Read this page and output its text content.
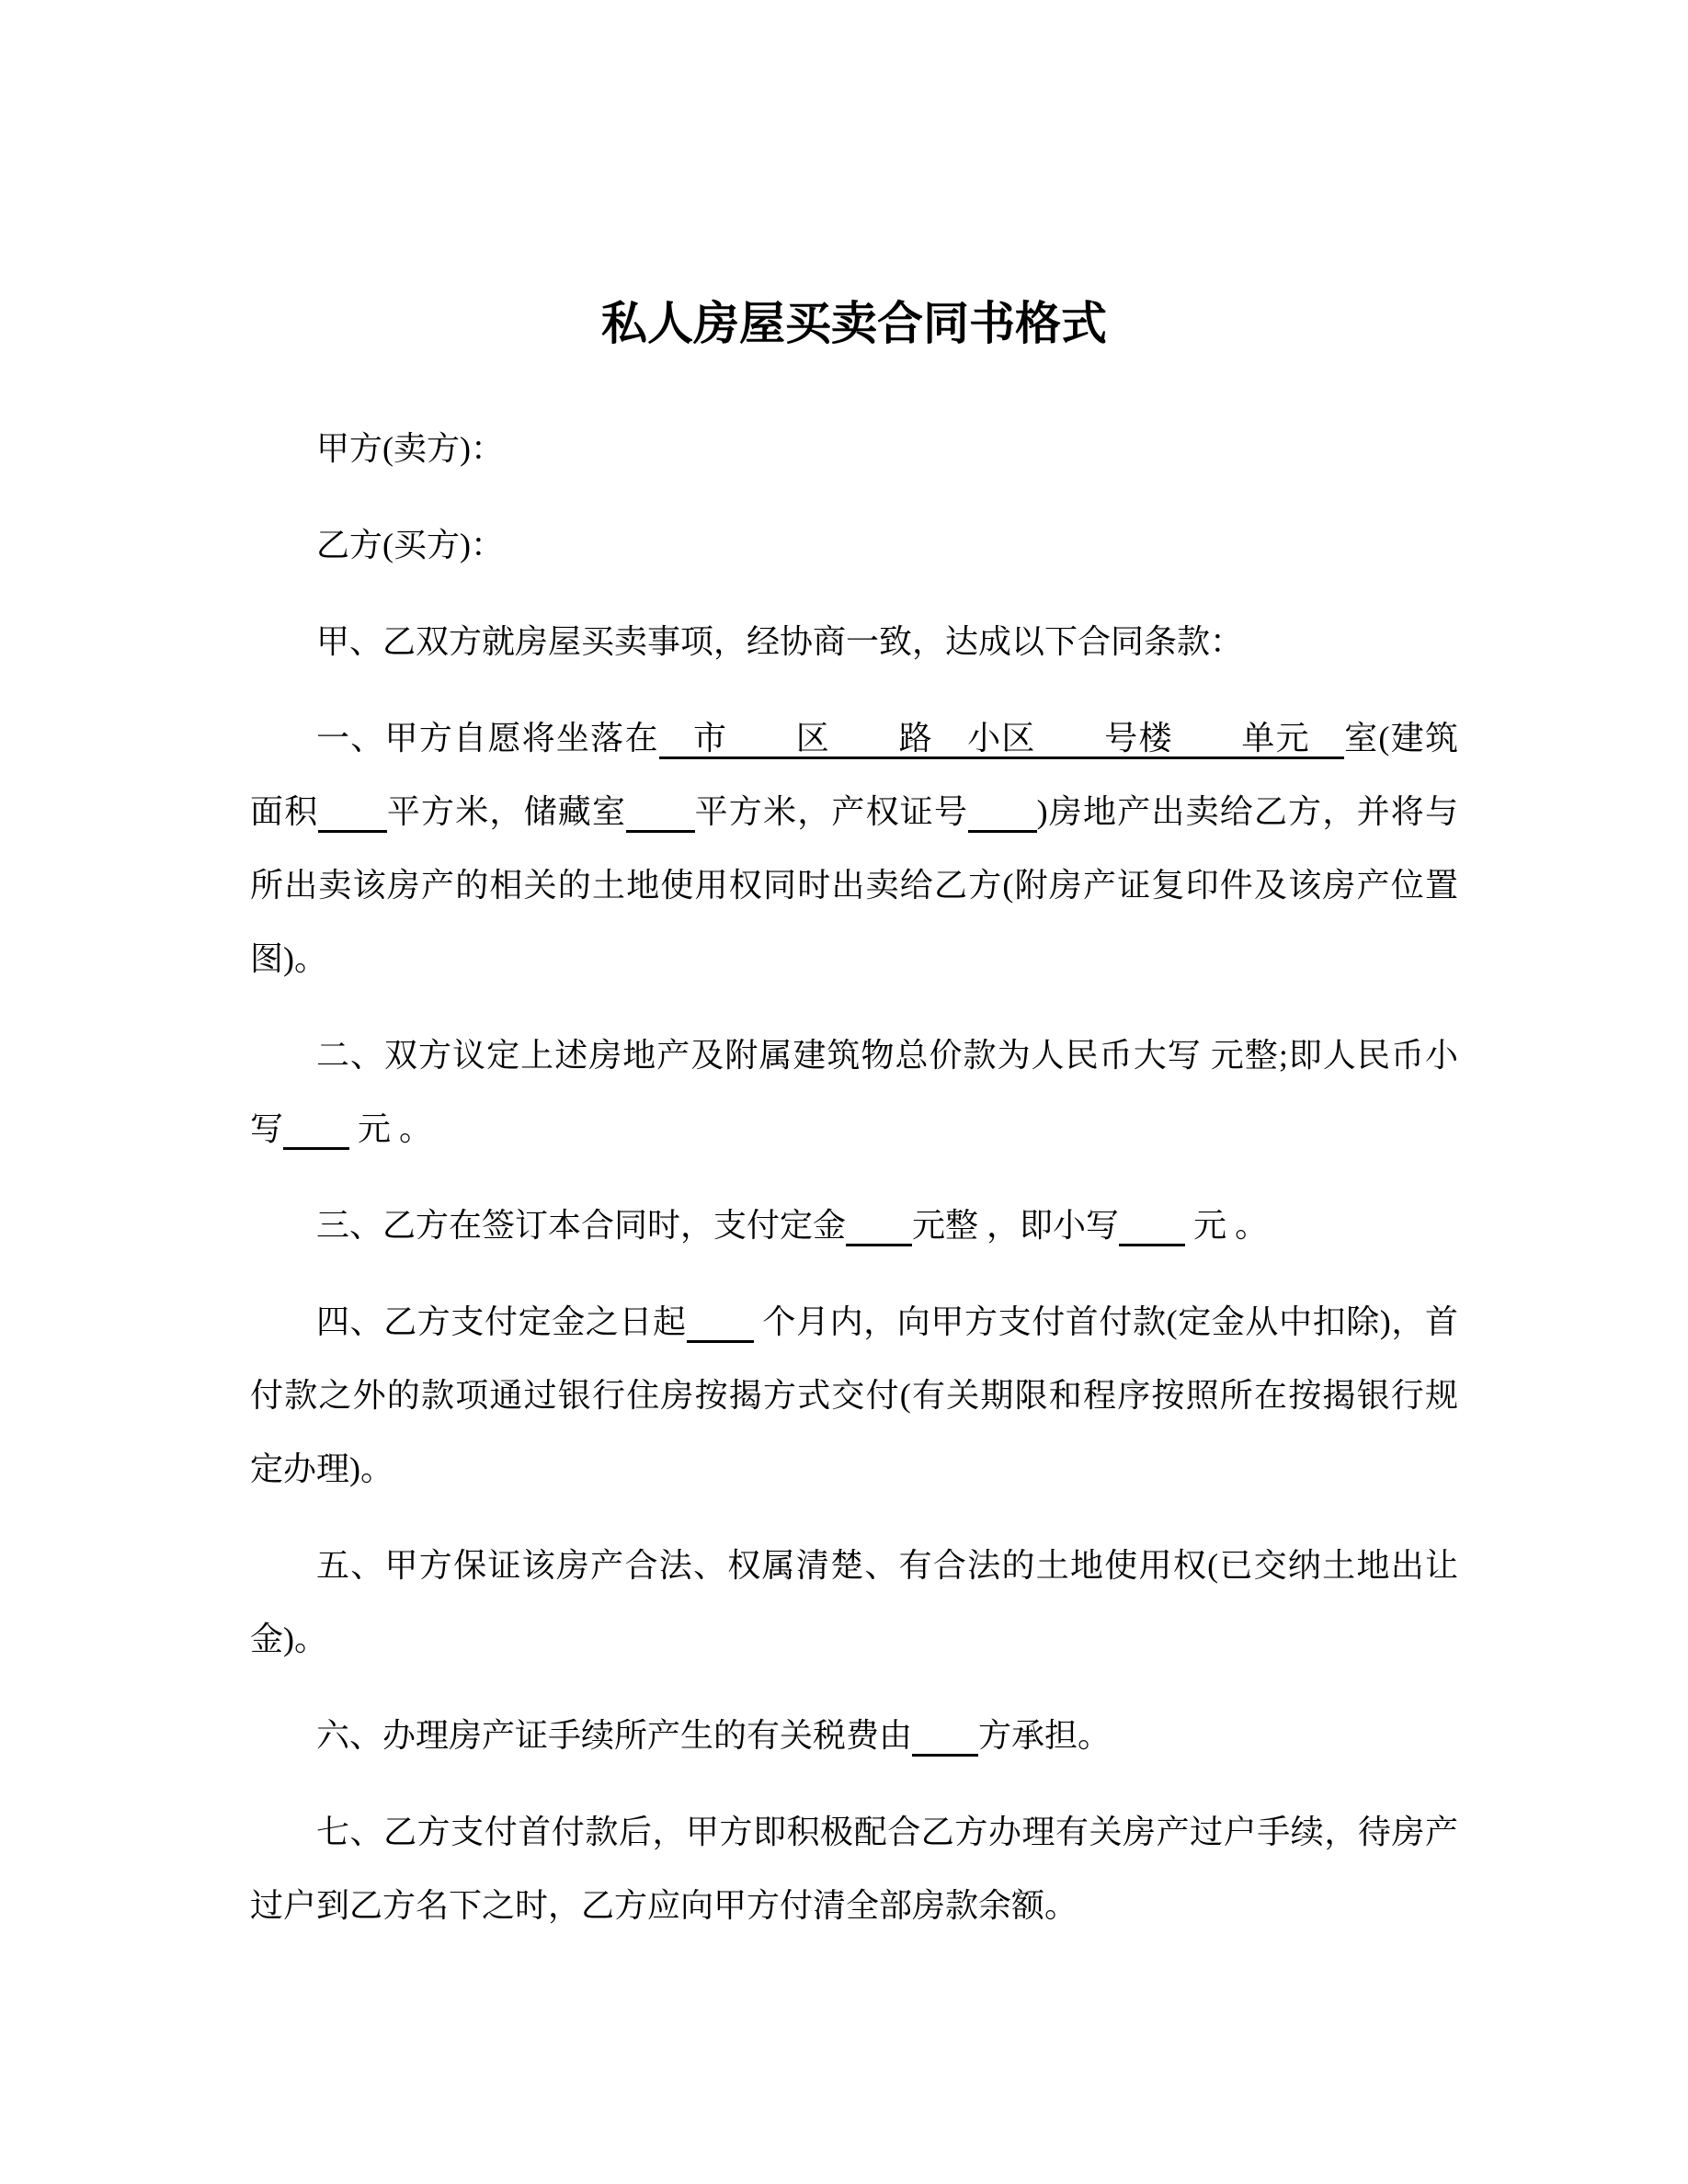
私人房屋买卖合同书格式
甲方(卖方)：
乙方(买方)：
甲、乙双方就房屋买卖事项，经协商一致，达成以下合同条款：
一、甲方自愿将坐落在　市　　区　　路　小区　　号楼　　单元　室(建筑
面积　　 平方米，储藏室　　 平方米，产权证号　　 )房地产出卖给乙方，并将与
所出卖该房产的相关的土地使用权同时出卖给乙方(附房产证复印件及该房产位置
图)。
二、双方议定上述房地产及附属建筑物总价款为人民币大写 元整;即人民币小
写　　 元 。
三、乙方在签订本合同时，支付定金　　 元整 ，即小写　　 元 。
四、乙方支付定金之日起　　 个月内，向甲方支付首付款(定金从中扣除)，首
付款之外的款项通过银行住房按揭方式交付(有关期限和程序按照所在按揭银行规
定办理)。
五、甲方保证该房产合法、权属清楚、有合法的土地使用权(已交纳土地出让
金)。
六、办理房产证手续所产生的有关税费由　　 方承担。
七、乙方支付首付款后，甲方即积极配合乙方办理有关房产过户手续，待房产
过户到乙方名下之时，乙方应向甲方付清全部房款余额。
